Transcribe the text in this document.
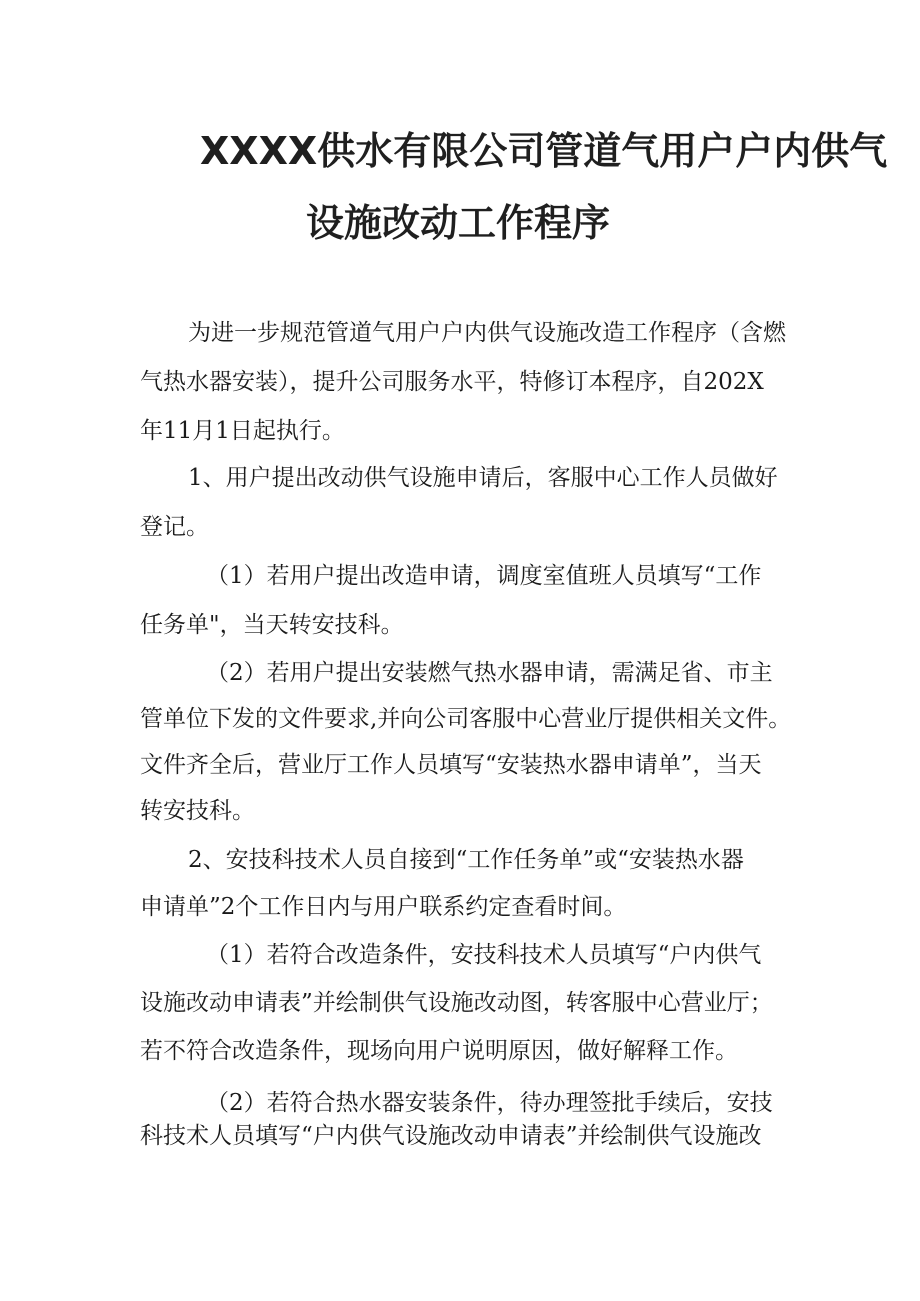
XXXX供水有限公司管道气用户户内供气
设施改动工作程序
为进一步规范管道气用户户内供气设施改造工作程序（含燃
气热水器安装），提升公司服务水平，特修订本程序，自202X
年11月1日起执行。
1、用户提出改动供气设施申请后，客服中心工作人员做好
登记。
（1）若用户提出改造申请，调度室值班人员填写“工作
任务单"，当天转安技科。
（2）若用户提出安装燃气热水器申请，需满足省、市主
管单位下发的文件要求,并向公司客服中心营业厅提供相关文件。
文件齐全后，营业厅工作人员填写“安装热水器申请单”，当天
转安技科。
2、安技科技术人员自接到“工作任务单”或“安装热水器
申请单”2个工作日内与用户联系约定查看时间。
（1）若符合改造条件，安技科技术人员填写“户内供气
设施改动申请表”并绘制供气设施改动图，转客服中心营业厅；
若不符合改造条件，现场向用户说明原因，做好解释工作。
（2）若符合热水器安装条件，待办理签批手续后，安技
科技术人员填写“户内供气设施改动申请表”并绘制供气设施改
